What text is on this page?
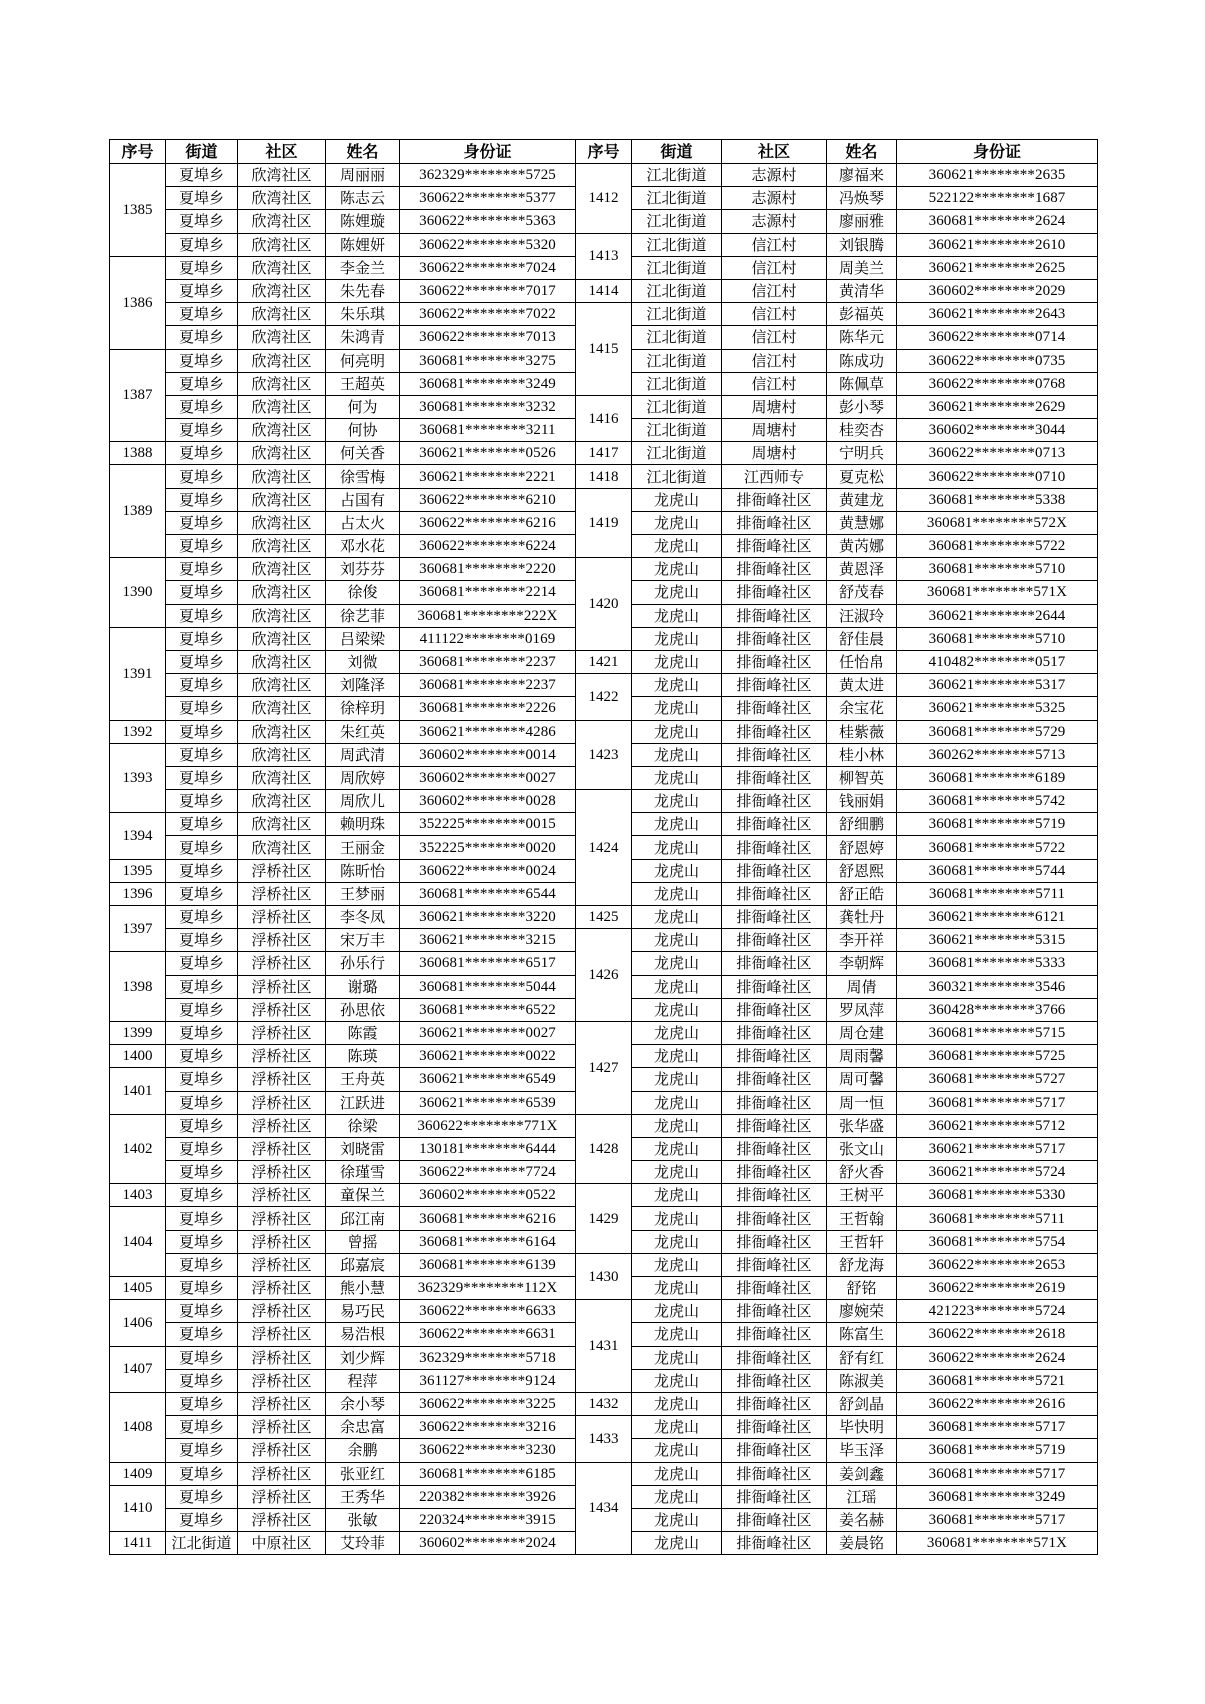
序号	街道	社区	姓名	身份证	序号	街道	社区	姓名	身份证
1385	夏埠乡	欣湾社区	周丽丽	362329********5725	1412	江北街道	志源村	廖福来	360621********2635
	夏埠乡	欣湾社区	陈志云	360622********5377		江北街道	志源村	冯焕琴	522122********1687
	夏埠乡	欣湾社区	陈娌璇	360622********5363		江北街道	志源村	廖丽雅	360681********2624
	夏埠乡	欣湾社区	陈娌妍	360622********5320	1413	江北街道	信江村	刘银腾	360621********2610
1386	夏埠乡	欣湾社区	李金兰	360622********7024		江北街道	信江村	周美兰	360621********2625
	夏埠乡	欣湾社区	朱先春	360622********7017	1414	江北街道	信江村	黄清华	360602********2029
	夏埠乡	欣湾社区	朱乐琪	360622********7022	1415	江北街道	信江村	彭福英	360621********2643
	夏埠乡	欣湾社区	朱鸿青	360622********7013		江北街道	信江村	陈华元	360622********0714
1387	夏埠乡	欣湾社区	何亮明	360681********3275		江北街道	信江村	陈成功	360622********0735
	夏埠乡	欣湾社区	王超英	360681********3249		江北街道	信江村	陈佩草	360622********0768
	夏埠乡	欣湾社区	何为	360681********3232	1416	江北街道	周塘村	彭小琴	360621********2629
	夏埠乡	欣湾社区	何协	360681********3211		江北街道	周塘村	桂奕杏	360602********3044
1388	夏埠乡	欣湾社区	何关香	360621********0526	1417	江北街道	周塘村	宁明兵	360622********0713
1389	夏埠乡	欣湾社区	徐雪梅	360621********2221	1418	江北街道	江西师专	夏克松	360622********0710
	夏埠乡	欣湾社区	占国有	360622********6210	1419	龙虎山	排衙峰社区	黄建龙	360681********5338
	夏埠乡	欣湾社区	占太火	360622********6216		龙虎山	排衙峰社区	黄慧娜	360681********572X
	夏埠乡	欣湾社区	邓水花	360622********6224		龙虎山	排衙峰社区	黄芮娜	360681********5722
1390	夏埠乡	欣湾社区	刘芬芬	360681********2220	1420	龙虎山	排衙峰社区	黄恩泽	360681********5710
	夏埠乡	欣湾社区	徐俊	360681********2214		龙虎山	排衙峰社区	舒茂春	360681********571X
	夏埠乡	欣湾社区	徐艺菲	360681********222X		龙虎山	排衙峰社区	汪淑玲	360621********2644
1391	夏埠乡	欣湾社区	吕梁梁	411122********0169		龙虎山	排衙峰社区	舒佳晨	360681********5710
	夏埠乡	欣湾社区	刘微	360681********2237	1421	龙虎山	排衙峰社区	任怡帛	410482********0517
	夏埠乡	欣湾社区	刘隆泽	360681********2237	1422	龙虎山	排衙峰社区	黄太进	360621********5317
	夏埠乡	欣湾社区	徐梓玥	360681********2226		龙虎山	排衙峰社区	余宝花	360621********5325
1392	夏埠乡	欣湾社区	朱红英	360621********4286	1423	龙虎山	排衙峰社区	桂紫薇	360681********5729
1393	夏埠乡	欣湾社区	周武清	360602********0014		龙虎山	排衙峰社区	桂小林	360262********5713
	夏埠乡	欣湾社区	周欣婷	360602********0027		龙虎山	排衙峰社区	柳智英	360681********6189
	夏埠乡	欣湾社区	周欣儿	360602********0028	1424	龙虎山	排衙峰社区	钱丽娟	360681********5742
1394	夏埠乡	欣湾社区	赖明珠	352225********0015		龙虎山	排衙峰社区	舒细鹏	360681********5719
	夏埠乡	欣湾社区	王丽金	352225********0020		龙虎山	排衙峰社区	舒恩婷	360681********5722
1395	夏埠乡	浮桥社区	陈昕怡	360622********0024		龙虎山	排衙峰社区	舒恩熙	360681********5744
1396	夏埠乡	浮桥社区	王梦丽	360681********6544		龙虎山	排衙峰社区	舒正皓	360681********5711
1397	夏埠乡	浮桥社区	李冬凤	360621********3220	1425	龙虎山	排衙峰社区	龚牡丹	360621********6121
	夏埠乡	浮桥社区	宋万丰	360621********3215	1426	龙虎山	排衙峰社区	李开祥	360621********5315
1398	夏埠乡	浮桥社区	孙乐行	360681********6517		龙虎山	排衙峰社区	李朝辉	360681********5333
	夏埠乡	浮桥社区	谢璐	360681********5044		龙虎山	排衙峰社区	周倩	360321********3546
	夏埠乡	浮桥社区	孙思依	360681********6522		龙虎山	排衙峰社区	罗凤萍	360428********3766
1399	夏埠乡	浮桥社区	陈霞	360621********0027	1427	龙虎山	排衙峰社区	周仓建	360681********5715
1400	夏埠乡	浮桥社区	陈瑛	360621********0022		龙虎山	排衙峰社区	周雨馨	360681********5725
1401	夏埠乡	浮桥社区	王舟英	360621********6549		龙虎山	排衙峰社区	周可馨	360681********5727
	夏埠乡	浮桥社区	江跃进	360621********6539		龙虎山	排衙峰社区	周一恒	360681********5717
1402	夏埠乡	浮桥社区	徐梁	360622********771X	1428	龙虎山	排衙峰社区	张华盛	360621********5712
	夏埠乡	浮桥社区	刘晓雷	130181********6444		龙虎山	排衙峰社区	张文山	360621********5717
	夏埠乡	浮桥社区	徐瑾雪	360622********7724		龙虎山	排衙峰社区	舒火香	360621********5724
1403	夏埠乡	浮桥社区	童保兰	360602********0522	1429	龙虎山	排衙峰社区	王树平	360681********5330
1404	夏埠乡	浮桥社区	邱江南	360681********6216		龙虎山	排衙峰社区	王哲翰	360681********5711
	夏埠乡	浮桥社区	曾摇	360681********6164		龙虎山	排衙峰社区	王哲轩	360681********5754
	夏埠乡	浮桥社区	邱嘉宸	360681********6139	1430	龙虎山	排衙峰社区	舒龙海	360622********2653
1405	夏埠乡	浮桥社区	熊小慧	362329********112X		龙虎山	排衙峰社区	舒铭	360622********2619
1406	夏埠乡	浮桥社区	易巧民	360622********6633	1431	龙虎山	排衙峰社区	廖婉荣	421223********5724
	夏埠乡	浮桥社区	易浩根	360622********6631		龙虎山	排衙峰社区	陈富生	360622********2618
1407	夏埠乡	浮桥社区	刘少辉	362329********5718		龙虎山	排衙峰社区	舒有红	360622********2624
	夏埠乡	浮桥社区	程萍	361127********9124		龙虎山	排衙峰社区	陈淑美	360681********5721
1408	夏埠乡	浮桥社区	余小琴	360622********3225	1432	龙虎山	排衙峰社区	舒剑晶	360622********2616
	夏埠乡	浮桥社区	余忠富	360622********3216	1433	龙虎山	排衙峰社区	毕快明	360681********5717
	夏埠乡	浮桥社区	余鹏	360622********3230		龙虎山	排衙峰社区	毕玉泽	360681********5719
1409	夏埠乡	浮桥社区	张亚红	360681********6185	1434	龙虎山	排衙峰社区	姜剑鑫	360681********5717
1410	夏埠乡	浮桥社区	王秀华	220382********3926		龙虎山	排衙峰社区	江瑶	360681********3249
	夏埠乡	浮桥社区	张敏	220324********3915		龙虎山	排衙峰社区	姜名赫	360681********5717
1411	江北街道	中原社区	艾玲菲	360602********2024		龙虎山	排衙峰社区	姜晨铭	360681********571X
